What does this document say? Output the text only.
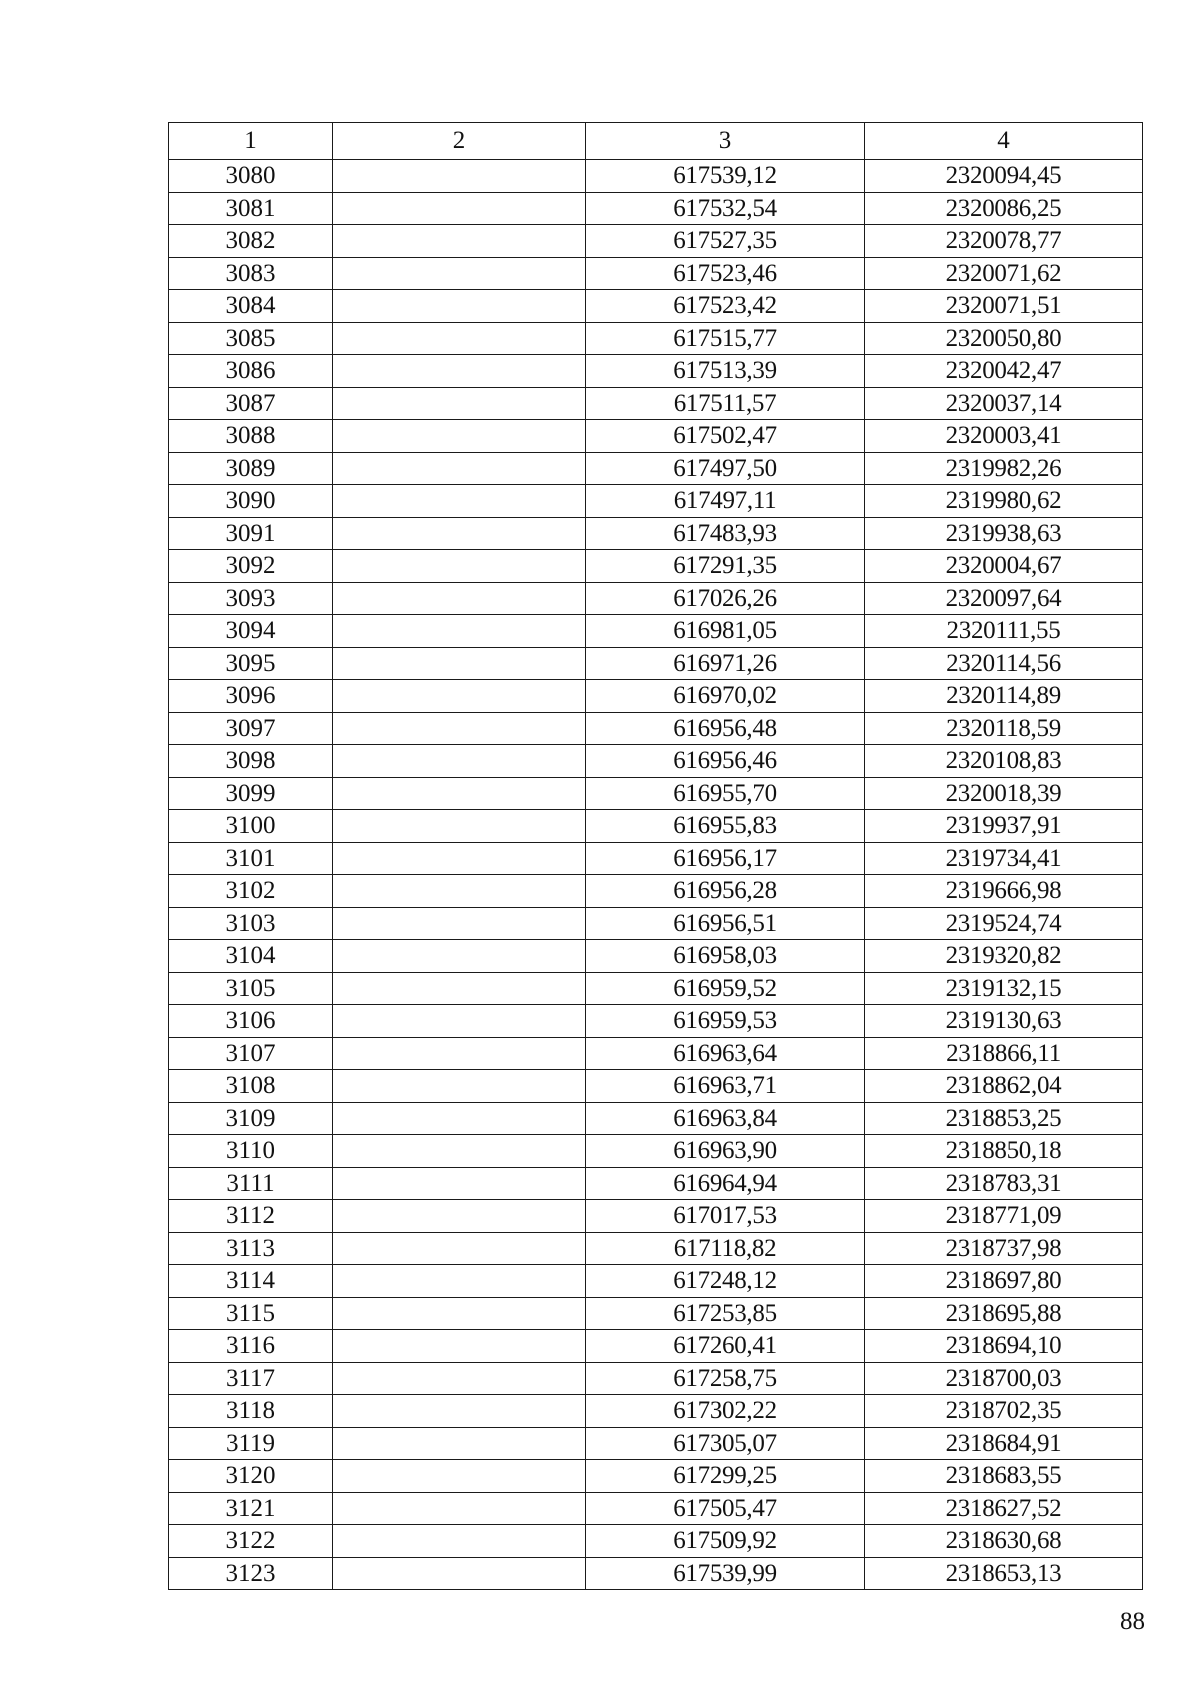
1	2	3	4
3080		617539,12	2320094,45
3081		617532,54	2320086,25
3082		617527,35	2320078,77
3083		617523,46	2320071,62
3084		617523,42	2320071,51
3085		617515,77	2320050,80
3086		617513,39	2320042,47
3087		617511,57	2320037,14
3088		617502,47	2320003,41
3089		617497,50	2319982,26
3090		617497,11	2319980,62
3091		617483,93	2319938,63
3092		617291,35	2320004,67
3093		617026,26	2320097,64
3094		616981,05	2320111,55
3095		616971,26	2320114,56
3096		616970,02	2320114,89
3097		616956,48	2320118,59
3098		616956,46	2320108,83
3099		616955,70	2320018,39
3100		616955,83	2319937,91
3101		616956,17	2319734,41
3102		616956,28	2319666,98
3103		616956,51	2319524,74
3104		616958,03	2319320,82
3105		616959,52	2319132,15
3106		616959,53	2319130,63
3107		616963,64	2318866,11
3108		616963,71	2318862,04
3109		616963,84	2318853,25
3110		616963,90	2318850,18
3111		616964,94	2318783,31
3112		617017,53	2318771,09
3113		617118,82	2318737,98
3114		617248,12	2318697,80
3115		617253,85	2318695,88
3116		617260,41	2318694,10
3117		617258,75	2318700,03
3118		617302,22	2318702,35
3119		617305,07	2318684,91
3120		617299,25	2318683,55
3121		617505,47	2318627,52
3122		617509,92	2318630,68
3123		617539,99	2318653,13
88
